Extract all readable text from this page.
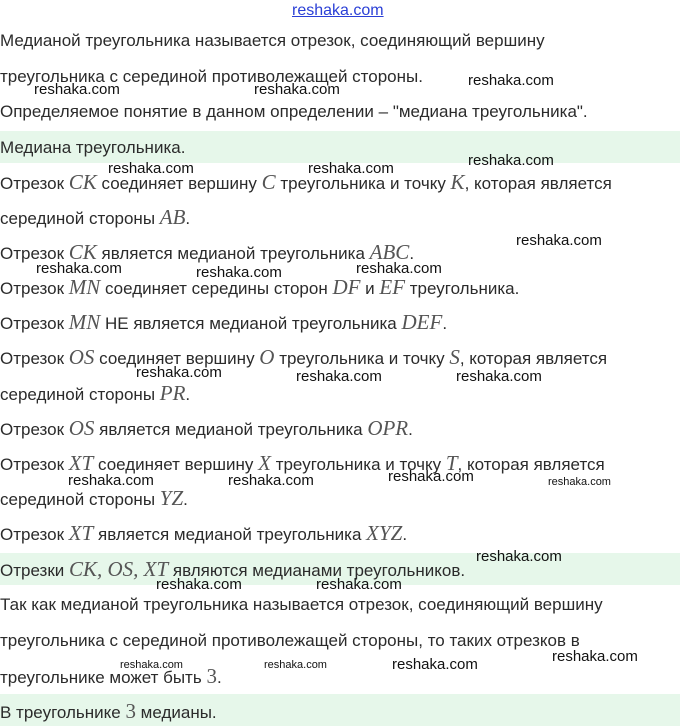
reshaka.com
Медианой треугольника называется отрезок, соединяющий вершину
треугольника с серединой противолежащей стороны.
Определяемое понятие в данном определении – "медиана треугольника".
Медиана треугольника.
Отрезок CK соединяет вершину C треугольника и точку K, которая является
серединой стороны AB.
Отрезок CK является медианой треугольника ABC.
Отрезок MN соединяет середины сторон DF и EF треугольника.
Отрезок MN НЕ является медианой треугольника DEF.
Отрезок OS соединяет вершину O треугольника и точку S, которая является
серединой стороны PR.
Отрезок OS является медианой треугольника OPR.
Отрезок XT соединяет вершину X треугольника и точку T, которая является
серединой стороны YZ.
Отрезок XT является медианой треугольника XYZ.
Отрезки CK, OS, XT являются медианами треугольников.
Так как медианой треугольника называется отрезок, соединяющий вершину
треугольника с серединой противолежащей стороны, то таких отрезков в
треугольнике может быть 3.
В треугольнике 3 медианы.
reshaka.com
reshaka.com	reshaka.com
reshaka.com
reshaka.com	reshaka.com
reshaka.com
reshaka.com	reshaka.com
reshaka.com
reshaka.com	reshaka.com	reshaka.com
reshaka.com
reshaka.com	reshaka.com	reshaka.com
reshaka.com
reshaka.com	reshaka.com
reshaka.com
reshaka.com	reshaka.com	reshaka.com
